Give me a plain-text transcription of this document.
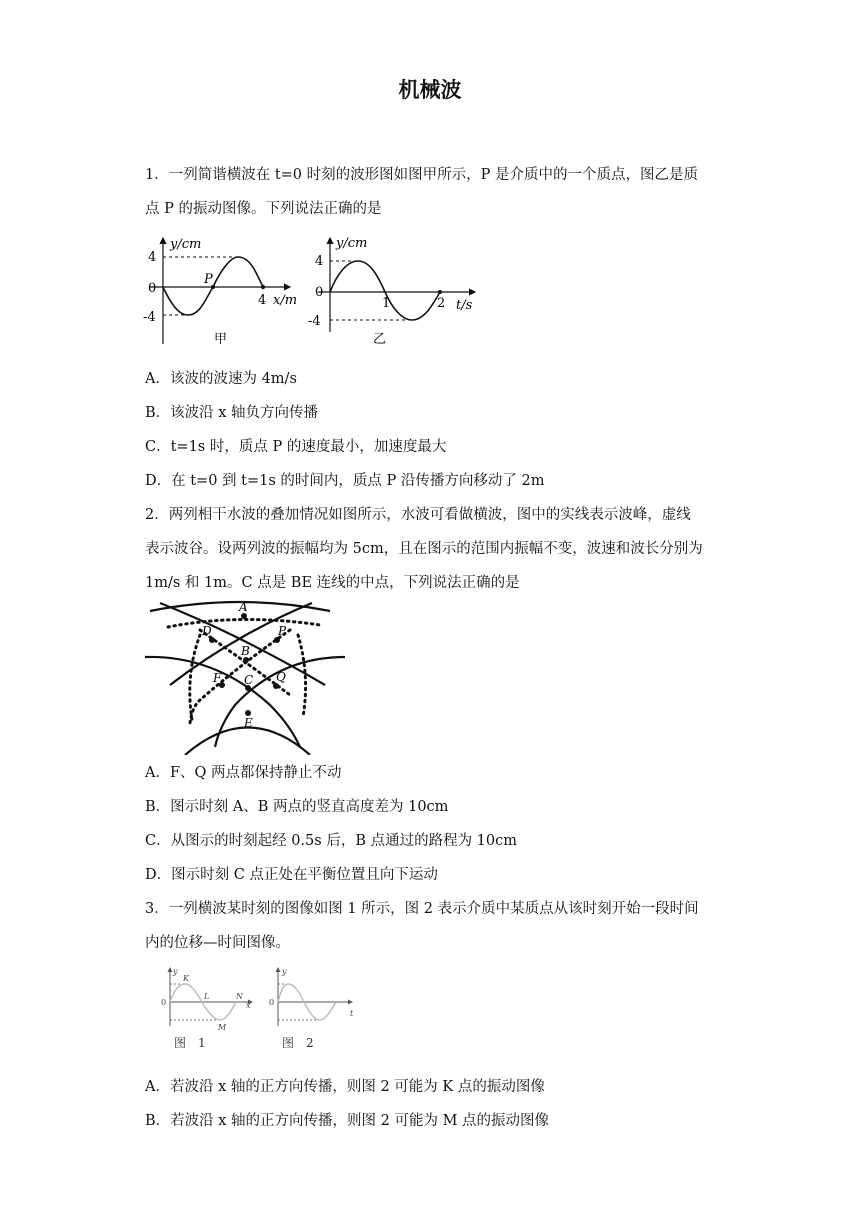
机械波
1．一列简谐横波在 t=0 时刻的波形图如图甲所示，P 是介质中的一个质点，图乙是质
点 P 的振动图像。下列说法正确的是
y/cm
4
0
-4
P
4 x/m
甲
y/cm
4
0
-4
1	2 t/s
乙
A．该波的波速为 4m/s
B．该波沿 x 轴负方向传播
C．t=1s 时，质点 P 的速度最小，加速度最大
D．在 t=0 到 t=1s 的时间内，质点 P 沿传播方向移动了 2m
2．两列相干水波的叠加情况如图所示，水波可看做横波，图中的实线表示波峰，虚线
表示波谷。设两列波的振幅均为 5cm，且在图示的范围内振幅不变，波速和波长分别为
1m/s 和 1m。C 点是 BE 连线的中点，下列说法正确的是
A
D	P
B
F C Q
E
A．F、Q 两点都保持静止不动
B．图示时刻 A、B 两点的竖直高度差为 10cm
C．从图示的时刻起经 0.5s 后，B 点通过的路程为 10cm
D．图示时刻 C 点正处在平衡位置且向下运动
3．一列横波某时刻的图像如图 1 所示，图 2 表示介质中某质点从该时刻开始一段时间
内的位移—时间图像。
y
0
K
L	N
M
x
图　1
y
0
t
图　2
A．若波沿 x 轴的正方向传播，则图 2 可能为 K 点的振动图像
B．若波沿 x 轴的正方向传播，则图 2 可能为 M 点的振动图像
